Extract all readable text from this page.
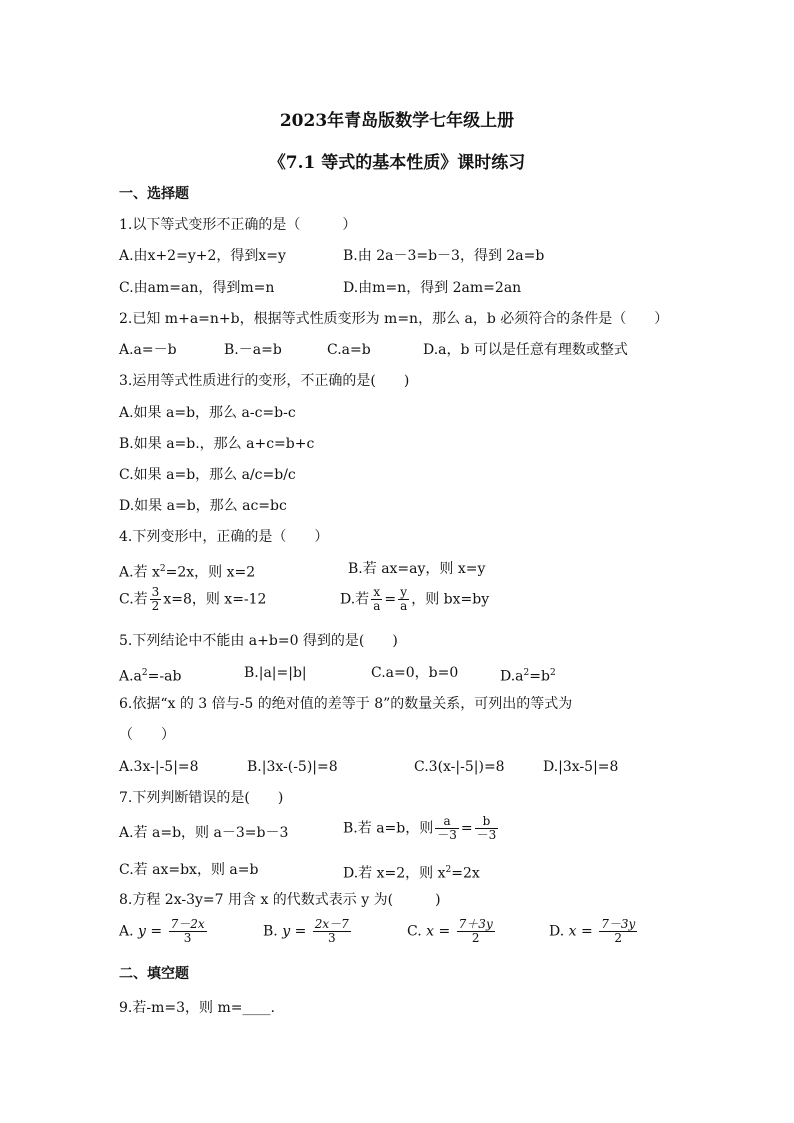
2023年青岛版数学七年级上册
《7.1 等式的基本性质》课时练习
一、选择题
1.以下等式变形不正确的是（　　　）
A.由x+2=y+2，得到x=y	B.由 2a－3=b－3，得到 2a=b
C.由am=an，得到m=n	D.由m=n，得到 2am=2an
2.已知 m+a=n+b，根据等式性质变形为 m=n，那么 a，b 必须符合的条件是（　　）
A.a=－b	B.－a=b	C.a=b	D.a，b 可以是任意有理数或整式
3.运用等式性质进行的变形，不正确的是(　　)
A.如果 a=b，那么 a-c=b-c
B.如果 a=b.，那么 a+c=b+c
C.如果 a=b，那么 a/c=b/c
D.如果 a=b，那么 ac=bc
4.下列变形中，正确的是（　　）
A.若 $x^2=2x$，则 x=2	B.若 ax=ay，则 x=y
C.若 $\frac{3}{2} x=8$，则 x=-12	D.若 $\frac{x}{a} = \frac{y}{a}$ ，则 bx=by
5.下列结论中不能由 a+b=0 得到的是(　　)
$A.a^2=-ab$	B.|a|=|b|	C.a=0，b=0	$D.a^2=b^2$
6.依据“x 的 3 倍与-5 的绝对值的差等于 8”的数量关系，可列出的等式为
（　　）
A.3x-|-5|=8	B.|3x-(-5)|=8	C.3(x-|-5|)=8	D.|3x-5|=8
7.下列判断错误的是(　　)
A.若 a=b，则 a－3=b－3	B.若 a=b，则 $\frac{a}{-3} = \frac{b}{-3}$
C.若 ax=bx，则 a=b	D.若 x=2，则 $x^2=2x$
8.方程 2x-3y=7 用含 x 的代数式表示 y 为(　　　)
A. $y = \frac{7-2x}{3}$	B. $y = \frac{2x-7}{3}$	C. $x = \frac{7+3y}{2}$	D. $x = \frac{7-3y}{2}$
二、填空题
9.若-m=3，则 m=____.
